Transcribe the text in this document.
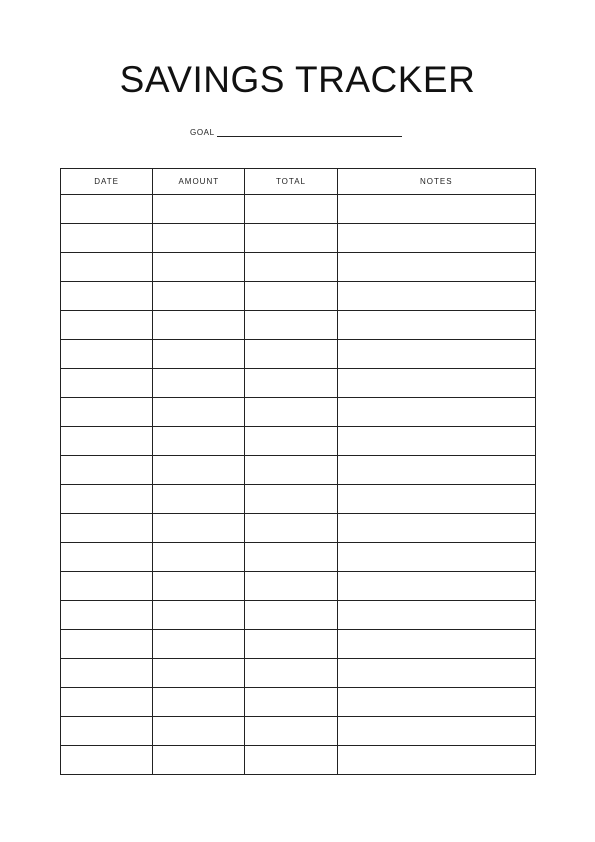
SAVINGS TRACKER
GOAL
DATE	AMOUNT	TOTAL	NOTES
